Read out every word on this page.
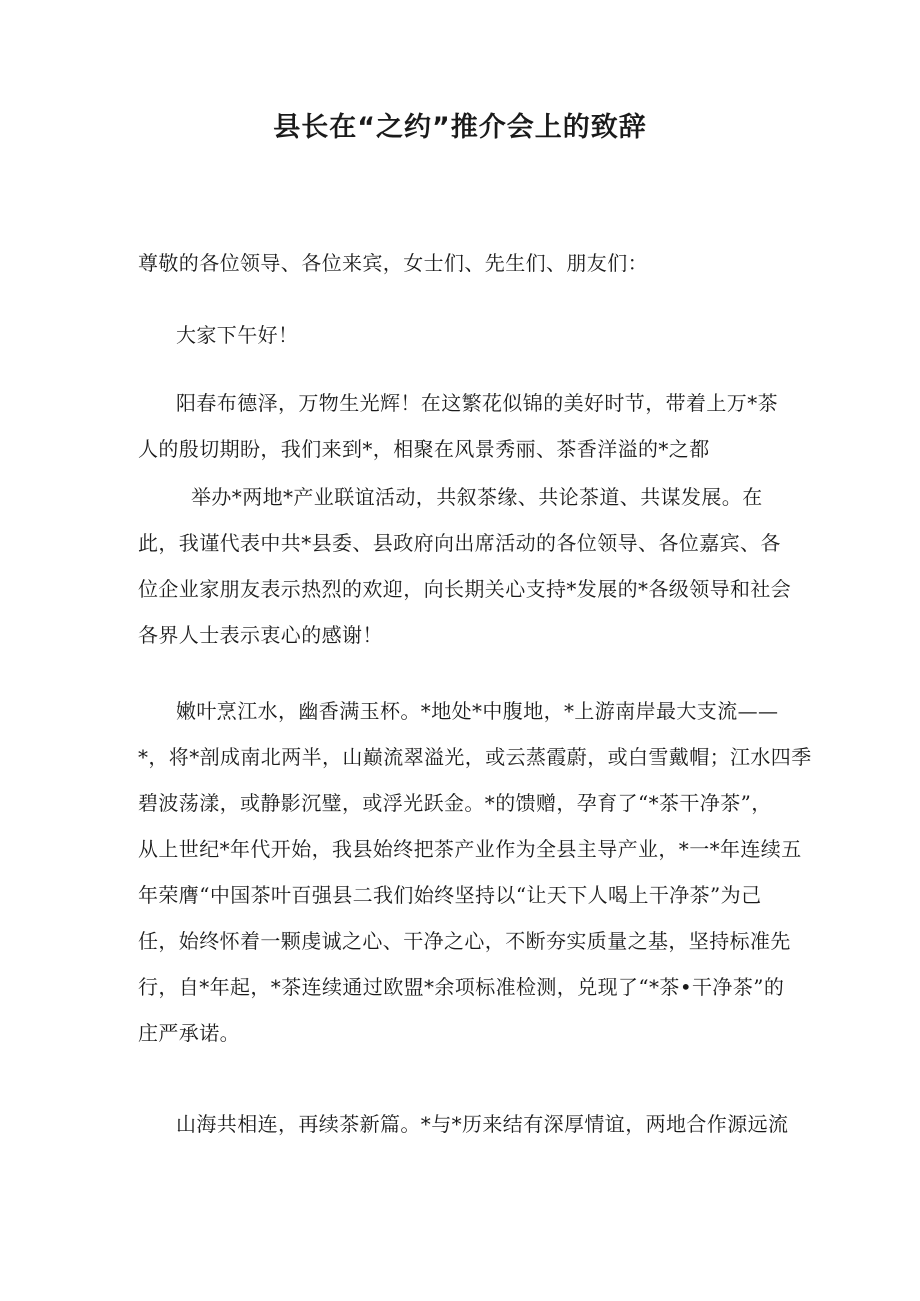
县长在“之约”推介会上的致辞
尊敬的各位领导、各位来宾，女士们、先生们、朋友们：
大家下午好！
阳春布德泽，万物生光辉！在这繁花似锦的美好时节，带着上万*茶
人的殷切期盼，我们来到*，相聚在风景秀丽、茶香洋溢的*之都
举办*两地*产业联谊活动，共叙茶缘、共论茶道、共谋发展。在
此，我谨代表中共*县委、县政府向出席活动的各位领导、各位嘉宾、各
位企业家朋友表示热烈的欢迎，向长期关心支持*发展的*各级领导和社会
各界人士表示衷心的感谢！
嫩叶烹江水，幽香满玉杯。*地处*中腹地，*上游南岸最大支流——
*，将*剖成南北两半，山巅流翠溢光，或云蒸霞蔚，或白雪戴帽；江水四季
碧波荡漾，或静影沉璧，或浮光跃金。*的馈赠，孕育了“*茶干净茶”，
从上世纪*年代开始，我县始终把茶产业作为全县主导产业，*一*年连续五
年荣膺“中国茶叶百强县二我们始终坚持以“让天下人喝上干净茶”为己
任，始终怀着一颗虔诚之心、干净之心，不断夯实质量之基，坚持标准先
行，自*年起，*茶连续通过欧盟*余项标准检测，兑现了“*茶•干净茶”的
庄严承诺。
山海共相连，再续茶新篇。*与*历来结有深厚情谊，两地合作源远流
